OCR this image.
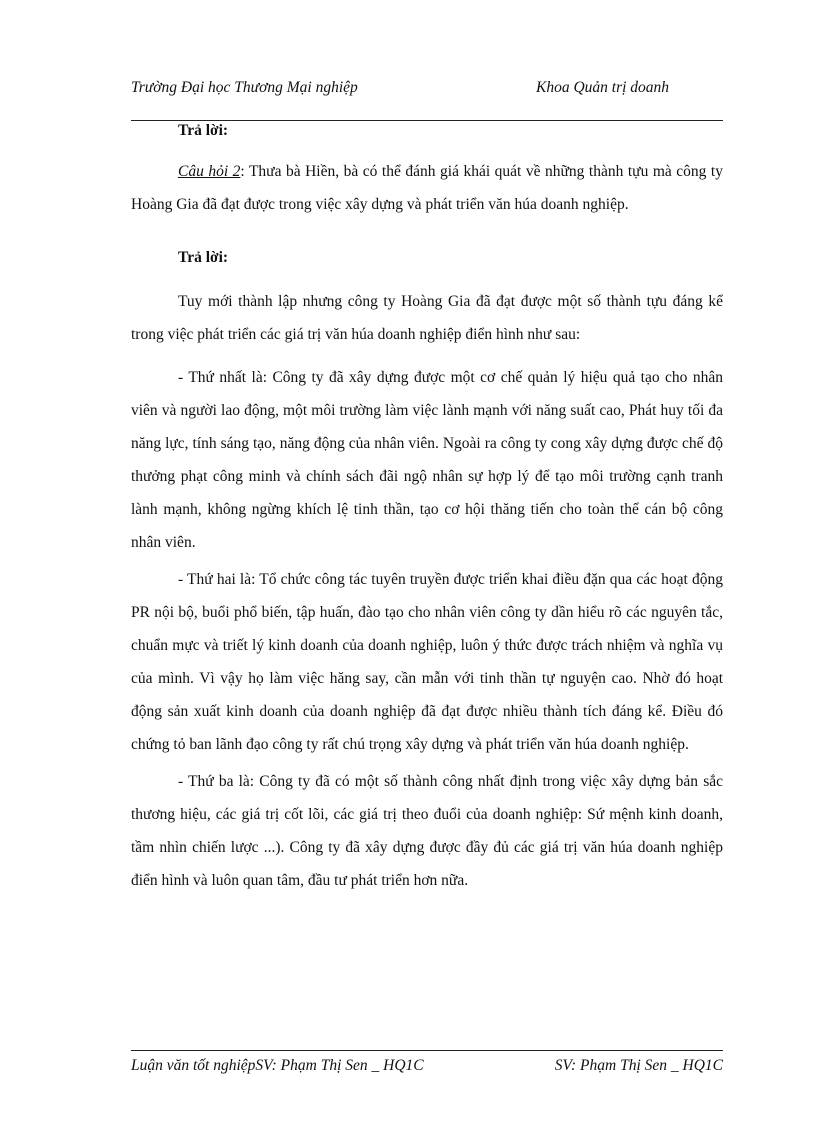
Trường Đại học Thương Mại nghiệp	Khoa Quản trị doanh

Trả lời:

Câu hỏi 2: Thưa bà Hiền, bà có thể đánh giá khái quát về những thành tựu mà công ty Hoàng Gia đã đạt được trong việc xây dựng và phát triển văn húa doanh nghiệp.

Trả lời:

Tuy mới thành lập nhưng công ty Hoàng Gia đã đạt được một số thành tựu đáng kể trong việc phát triển các giá trị văn húa doanh nghiệp điển hình như sau:

- Thứ nhất là: Công ty đã xây dựng được một cơ chế quản lý hiệu quả tạo cho nhân viên và người lao động, một môi trường làm việc lành mạnh với năng suất cao, Phát huy tối đa năng lực, tính sáng tạo, năng động của nhân viên. Ngoài ra công ty cong xây dựng được chế độ thưởng phạt công minh và chính sách đãi ngộ nhân sự hợp lý để tạo môi trường cạnh tranh lành mạnh, không ngừng khích lệ tinh thần, tạo cơ hội thăng tiến cho toàn thể cán bộ công nhân viên.

- Thứ hai là: Tổ chức công tác tuyên truyền được triển khai điều đặn qua các hoạt động PR nội bộ, buổi phổ biến, tập huấn, đào tạo cho nhân viên công ty dần hiểu rõ các nguyên tắc, chuẩn mực và triết lý kinh doanh của doanh nghiệp, luôn ý thức được trách nhiệm và nghĩa vụ của mình. Vì vậy họ làm việc hăng say, cần mẫn với tinh thần tự nguyện cao. Nhờ đó hoạt động sản xuất kinh doanh của doanh nghiệp đã đạt được nhiều thành tích đáng kể. Điều đó chứng tỏ ban lãnh đạo công ty rất chú trọng xây dựng và phát triển văn húa doanh nghiệp.

- Thứ ba là: Công ty đã có một số thành công nhất định trong việc xây dựng bản sắc thương hiệu, các giá trị cốt lõi, các giá trị theo đuổi của doanh nghiệp: Sứ mệnh kinh doanh, tầm nhìn chiến lược ...). Công ty đã xây dựng được đầy đủ các giá trị văn húa doanh nghiệp điển hình và luôn quan tâm, đầu tư phát triển hơn nữa.

Luận văn tốt nghiệpSV: Phạm Thị Sen _ HQ1C	SV: Phạm Thị Sen _ HQ1C
